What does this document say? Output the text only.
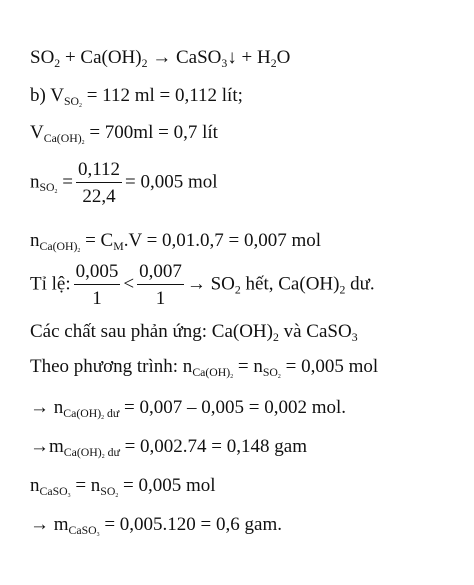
$SO_2 + Ca(OH)_2$ → CaSO$_3$↓ + $H_2O$
b) $V_{SO_2} = 112$ ml = 0,112 lít;
$V_{Ca(OH)_2} = 700ml = 0,7$ lít
$n_{SO_2} = \frac{0,112}{22,4} = 0,005$ mol
$n_{Ca(OH)_2} = C_M.V = 0,01.0,7 = 0,007$ mol
Tỉ lệ: $\frac{0,005}{1} < \frac{0,007}{1} \to SO_2$ hết, $Ca(OH)_2$ dư.
Các chất sau phản ứng: $Ca(OH)_2$ và CaSO$_3$
Theo phương trình: $n_{Ca(OH)_2} = n_{SO_2} = 0,005$ mol
→ $n_{Ca(OH)_2 dư} = 0,007 - 0,005 = 0,002$ mol.
$\to m_{Ca(OH)_2 dư} = 0,002.74 = 0,148$ gam
$n_{CaSO_3} = n_{SO_2} = 0,005$ mol
→ $m_{CaSO_3} = 0,005.120 = 0,6$ gam.
